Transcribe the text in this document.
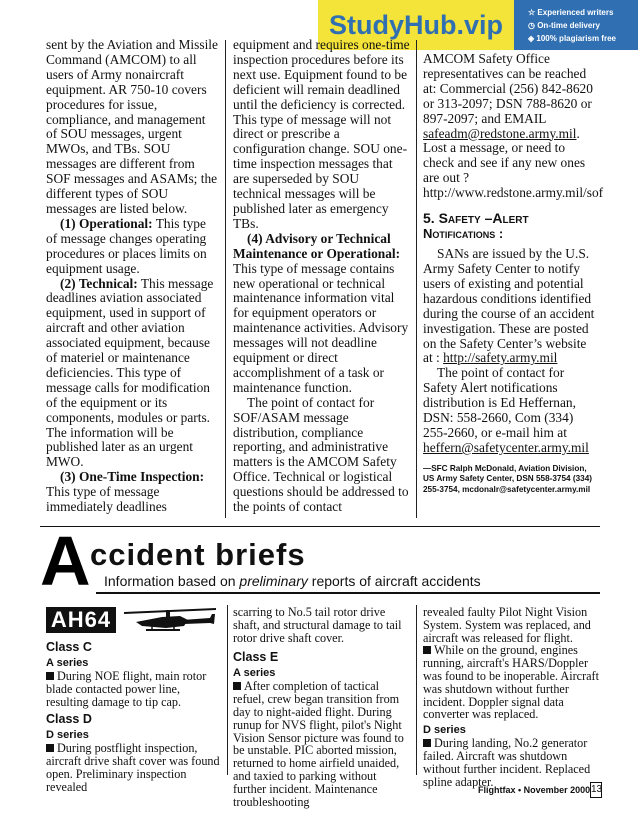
StudyHub.vip	☆ Experienced writers
◷ On-time delivery
◈ 100% plagiarism free

sent by the Aviation and Missile Command (AMCOM) to all users of Army nonaircraft equipment. AR 750-10 covers procedures for issue, compliance, and management of SOU messages, urgent MWOs, and TBs. SOU messages are different from SOF messages and ASAMs; the different types of SOU messages are listed below.

(1) Operational: This type of message changes operating procedures or places limits on equipment usage.

(2) Technical: This message deadlines aviation associated equipment, used in support of aircraft and other aviation associated equipment, because of materiel or maintenance deficiencies. This type of message calls for modification of the equipment or its components, modules or parts. The information will be published later as an urgent MWO.

(3) One-Time Inspection: This type of message immediately deadlines

equipment and requires one-time inspection procedures before its next use. Equipment found to be deficient will remain deadlined until the deficiency is corrected. This type of message will not direct or prescribe a configuration change. SOU one-time inspection messages that are superseded by SOU technical messages will be published later as emergency TBs.

(4) Advisory or Technical Maintenance or Operational: This type of message contains new operational or technical maintenance information vital for equipment operators or maintenance activities. Advisory messages will not deadline equipment or direct accomplishment of a task or maintenance function.

The point of contact for SOF/ASAM message distribution, compliance reporting, and administrative matters is the AMCOM Safety Office. Technical or logistical questions should be addressed to the points of contact

AMCOM Safety Office representatives can be reached at: Commercial (256) 842-8620 or 313-2097; DSN 788-8620 or 897-2097; and EMAIL safeadm@redstone.army.mil. Lost a message, or need to check and see if any new ones are out ? http://www.redstone.army.mil/sof

5. Safety –Alert
Notifications :

SANs are issued by the U.S. Army Safety Center to notify users of existing and potential hazardous conditions identified during the course of an accident investigation. These are posted on the Safety Center’s website at : http://safety.army.mil

The point of contact for Safety Alert notifications distribution is Ed Heffernan, DSN: 558-2660, Com (334) 255-2660, or e-mail him at heffern@safetycenter.army.mil

—SFC Ralph McDonald, Aviation Division, US Army Safety Center, DSN 558-3754 (334) 255-3754, mcdonalr@safetycenter.army.mil

A ccident briefs
Information based on preliminary reports of aircraft accidents
AH64
Class C
A series

During NOE flight, main rotor blade contacted power line, resulting damage to tip cap.

Class D
D series

During postflight inspection, aircraft drive shaft cover was found open. Preliminary inspection revealed

scarring to No.5 tail rotor drive shaft, and structural damage to tail rotor drive shaft cover.

Class E
A series

After completion of tactical refuel, crew began transition from day to night-aided flight. During runup for NVS flight, pilot's Night Vision Sensor picture was found to be unstable. PIC aborted mission, returned to home airfield unaided, and taxied to parking without further incident. Maintenance troubleshooting

revealed faulty Pilot Night Vision System. System was replaced, and aircraft was released for flight.

While on the ground, engines running, aircraft's HARS/Doppler was found to be inoperable. Aircraft was shutdown without further incident. Doppler signal data converter was replaced.

D series

During landing, No.2 generator failed. Aircraft was shutdown without further incident. Replaced spline adapter.

Flightfax • November 2000 13
